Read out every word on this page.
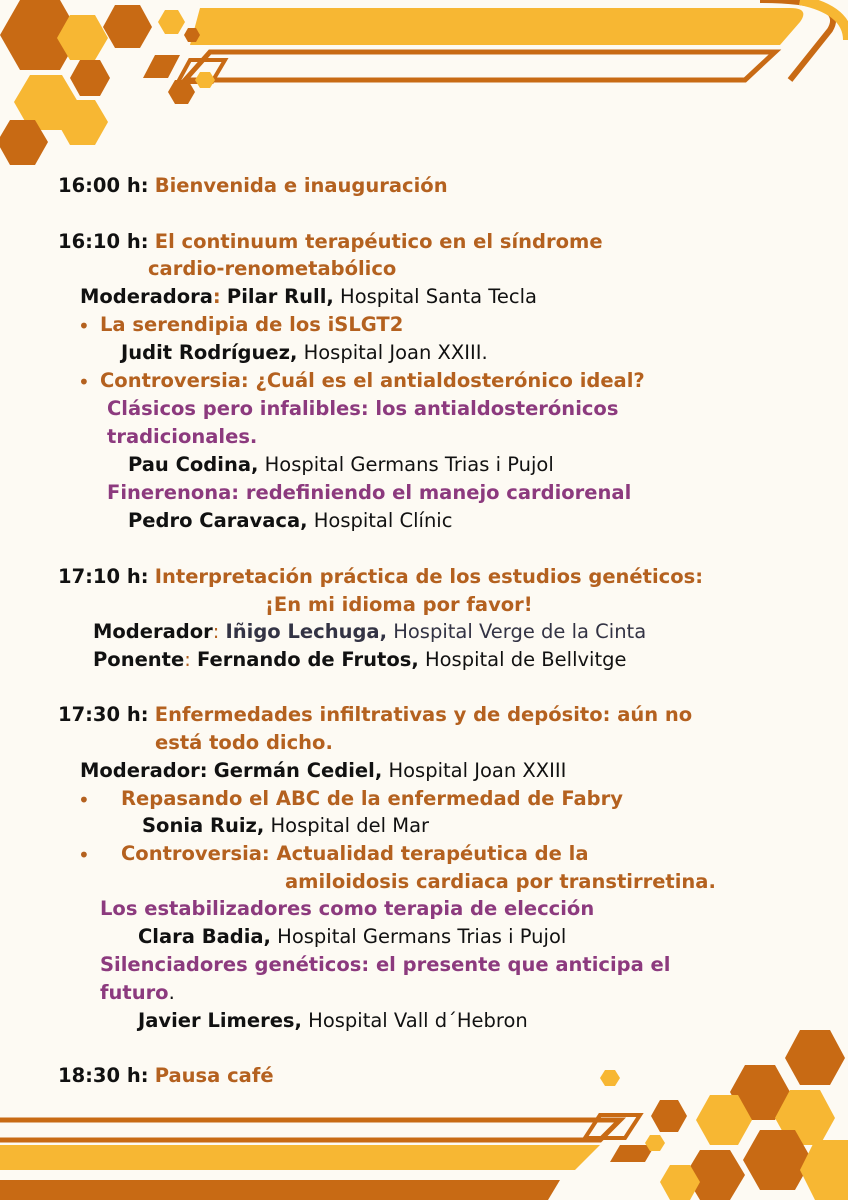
16:00 h: Bienvenida e inauguración
16:10 h: El continuum terapéutico en el síndrome
cardio-renometabólico
Moderadora: Pilar Rull, Hospital Santa Tecla
• La serendipia de los iSLGT2
Judit Rodríguez, Hospital Joan XXIII.
• Controversia: ¿Cuál es el antialdosterónico ideal?
Clásicos pero infalibles: los antialdosterónicos
tradicionales.
Pau Codina, Hospital Germans Trias i Pujol
Finerenona: redefiniendo el manejo cardiorenal
Pedro Caravaca, Hospital Clínic
17:10 h: Interpretación práctica de los estudios genéticos:
¡En mi idioma por favor!
Moderador: Iñigo Lechuga, Hospital Verge de la Cinta
Ponente: Fernando de Frutos, Hospital de Bellvitge
17:30 h: Enfermedades infiltrativas y de depósito: aún no
está todo dicho.
Moderador: Germán Cediel, Hospital Joan XXIII
• Repasando el ABC de la enfermedad de Fabry
Sonia Ruiz, Hospital del Mar
• Controversia: Actualidad terapéutica de la
amiloidosis cardiaca por transtirretina.
Los estabilizadores como terapia de elección
Clara Badia, Hospital Germans Trias i Pujol
Silenciadores genéticos: el presente que anticipa el
futuro.
Javier Limeres, Hospital Vall d´Hebron
18:30 h: Pausa café
